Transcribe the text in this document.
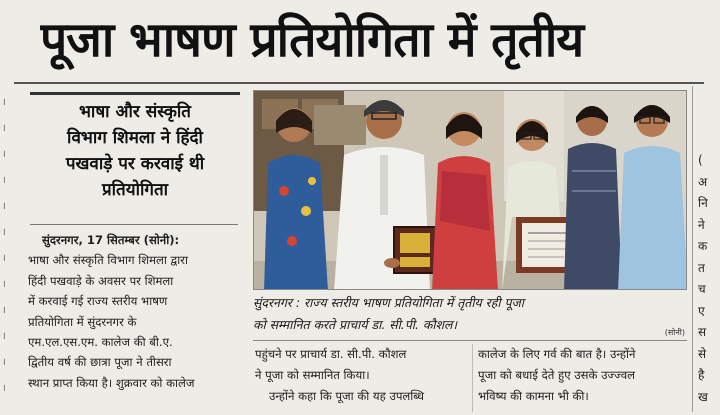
पूजा भाषण प्रतियोगिता में तृतीय
।
।
।
।
।
।
।
।
।
।
।
।
भाषा और संस्कृति
विभाग शिमला ने हिंदी
पखवाड़े पर करवाई थी
प्रतियोगिता
सुंदरनगर, 17 सितम्बर (सोनी):
भाषा और संस्कृति विभाग शिमला द्वारा
हिंदी पखवाड़े के अवसर पर शिमला
में करवाई गई राज्य स्तरीय भाषण
प्रतियोगिता में सुंदरनगर के
एम.एल.एस.एम. कालेज की बी.ए.
द्वितीय वर्ष की छात्रा पूजा ने तीसरा
स्थान प्राप्त किया है। शुक्रवार को कालेज
सुंदरनगर : राज्य स्तरीय भाषण प्रतियोगिता में तृतीय रही पूजा
को सम्मानित करते प्राचार्य डा. सी.पी. कौशल।
(सोनी)
पहुंचने पर प्राचार्य डा. सी.पी. कौशल
ने पूजा को सम्मानित किया।
उन्होंने कहा कि पूजा की यह उपलब्धि
कालेज के लिए गर्व की बात है। उन्होंने
पूजा को बधाई देते हुए उसके उज्ज्वल
भविष्य की कामना भी की।
(
अ
नि
ने
क
त
च
ए
स
से
है
ख
